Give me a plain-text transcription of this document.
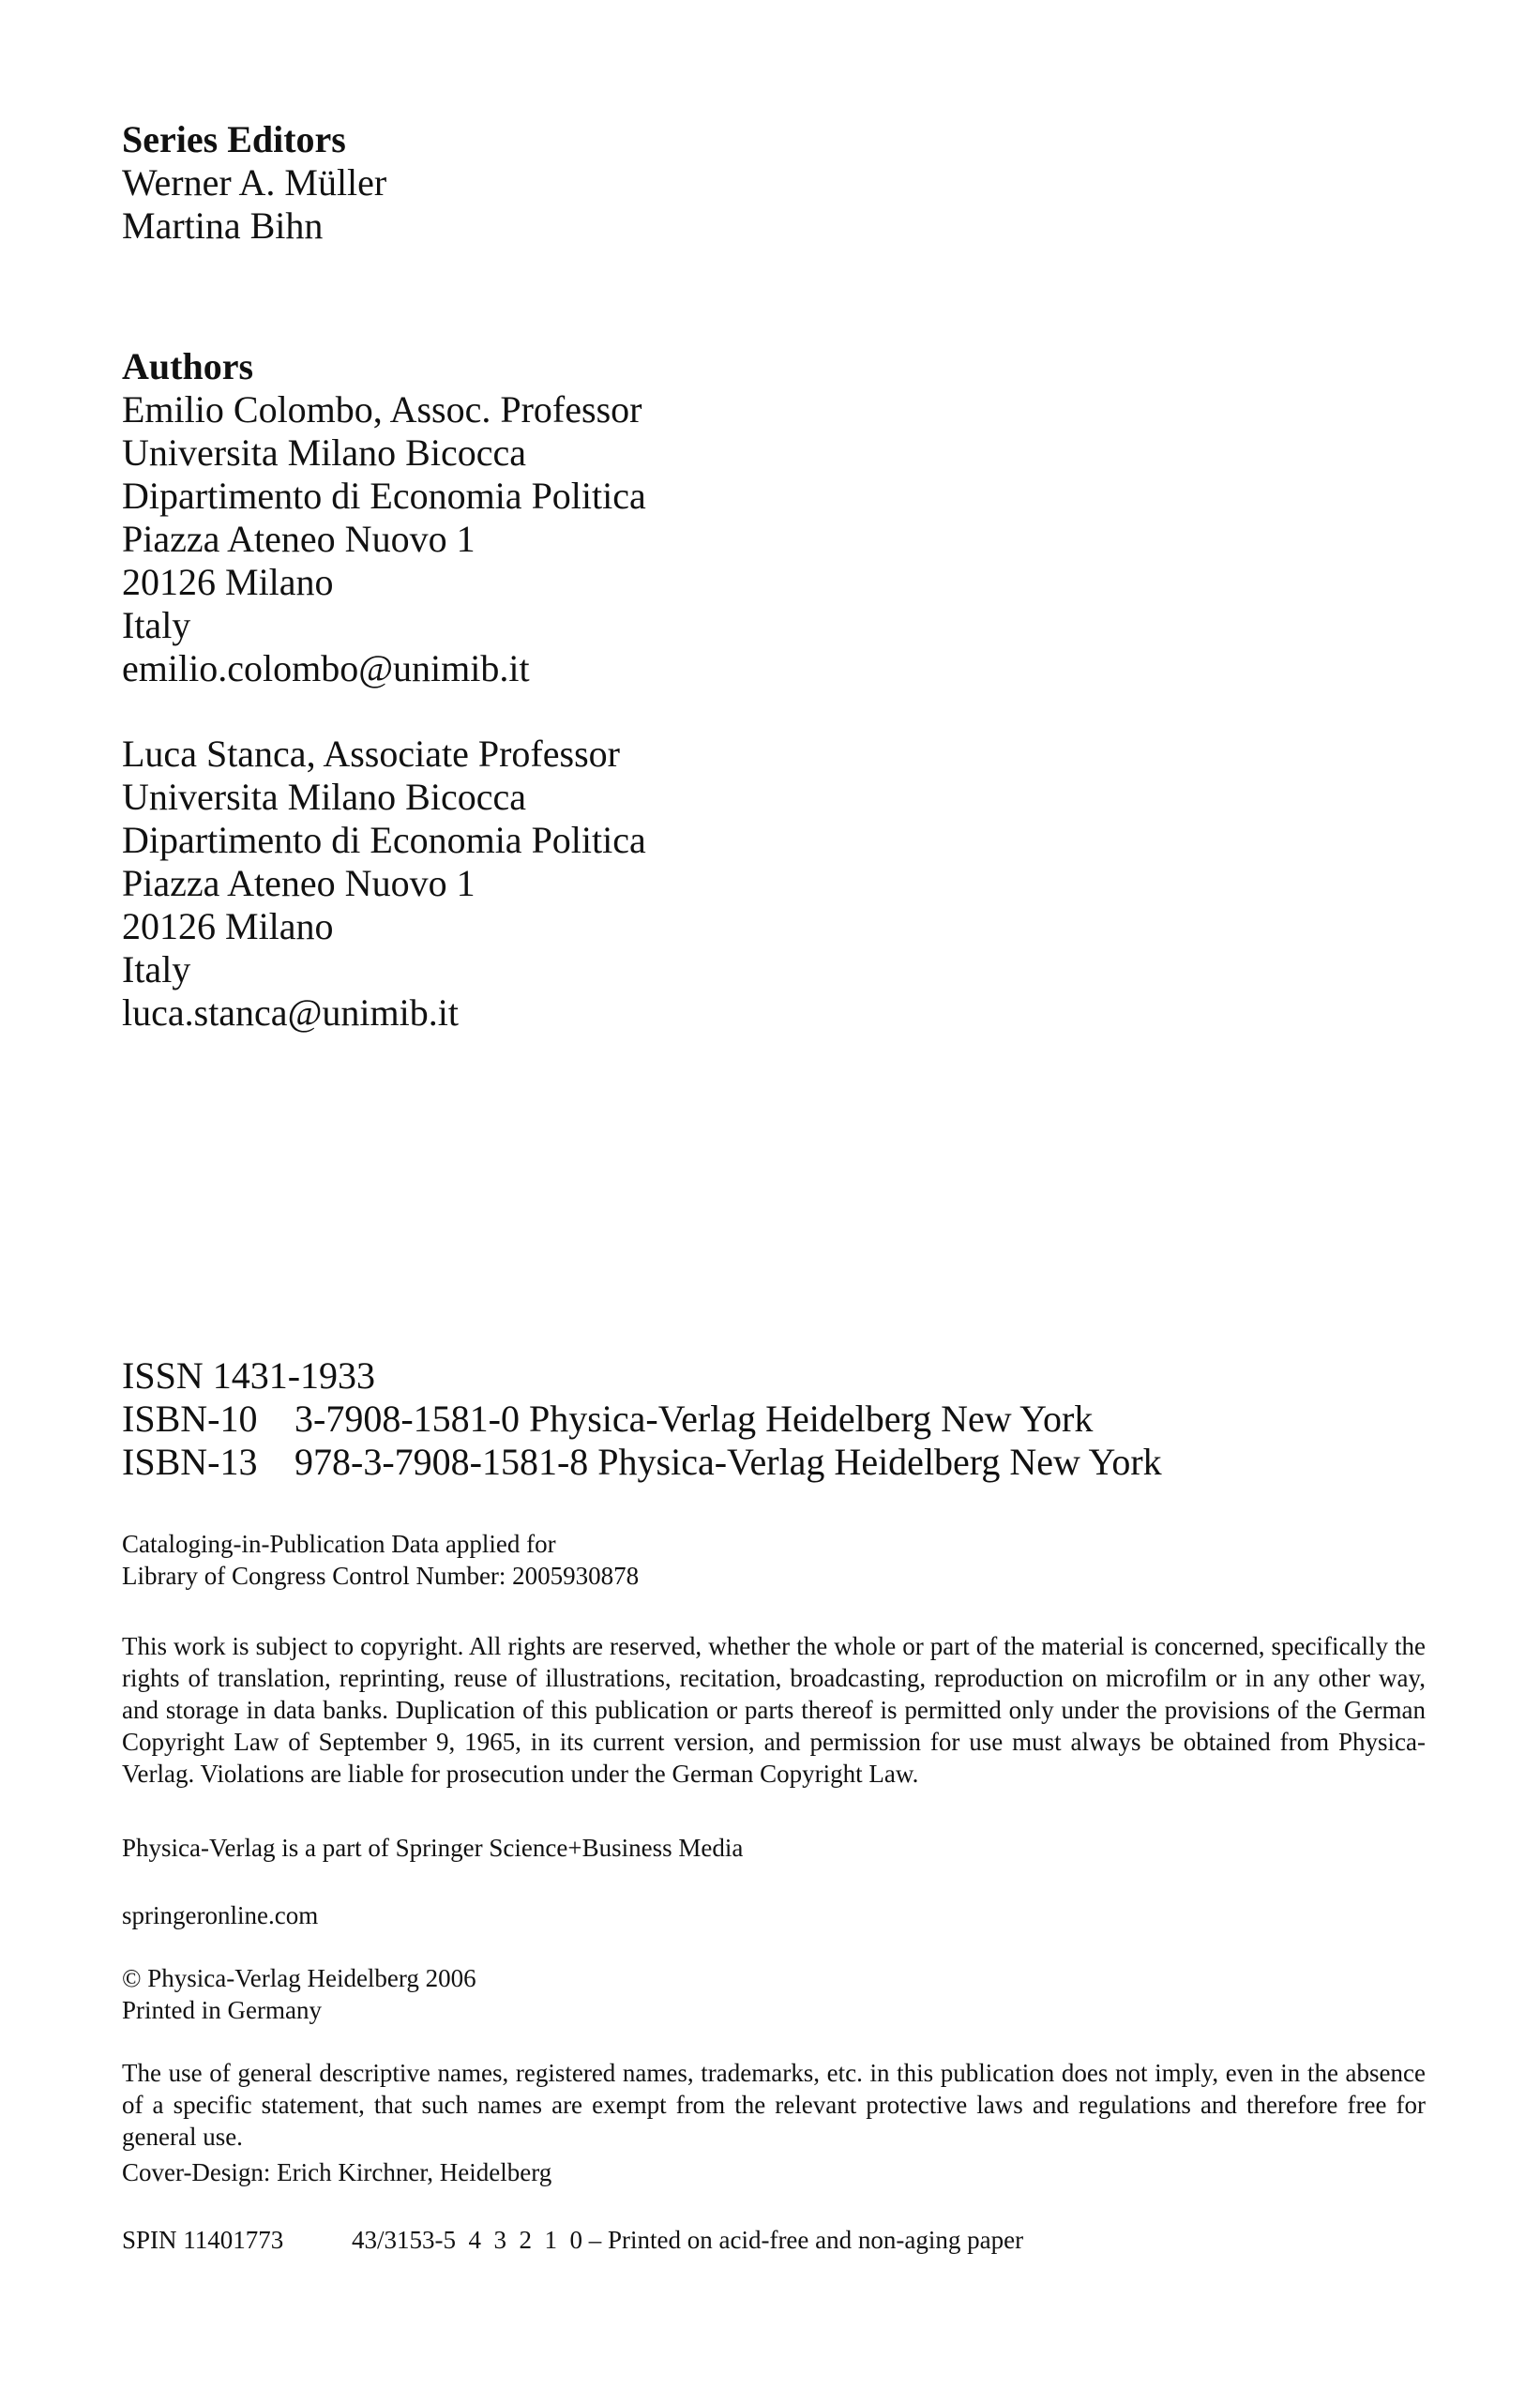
Series Editors
Werner A. Müller
Martina Bihn
Authors
Emilio Colombo, Assoc. Professor
Universita Milano Bicocca
Dipartimento di Economia Politica
Piazza Ateneo Nuovo 1
20126 Milano
Italy
emilio.colombo@unimib.it
Luca Stanca, Associate Professor
Universita Milano Bicocca
Dipartimento di Economia Politica
Piazza Ateneo Nuovo 1
20126 Milano
Italy
luca.stanca@unimib.it
ISSN 1431-1933
ISBN-10 3-7908-1581-0 Physica-Verlag Heidelberg New York
ISBN-13 978-3-7908-1581-8 Physica-Verlag Heidelberg New York
Cataloging-in-Publication Data applied for
Library of Congress Control Number: 2005930878

This work is subject to copyright. All rights are reserved, whether the whole or part of the material is concerned, specifically the rights of translation, reprinting, reuse of illustrations, recitation, broadcasting, reproduction on microfilm or in any other way, and storage in data banks. Duplication of this publication or parts thereof is permitted only under the provisions of the German Copyright Law of September 9, 1965, in its current version, and permission for use must always be obtained from Physica-Verlag. Violations are liable for prosecution under the German Copyright Law.

Physica-Verlag is a part of Springer Science+Business Media
springeronline.com
© Physica-Verlag Heidelberg 2006
Printed in Germany

The use of general descriptive names, registered names, trademarks, etc. in this publication does not imply, even in the absence of a specific statement, that such names are exempt from the relevant protective laws and regulations and therefore free for general use.

Cover-Design: Erich Kirchner, Heidelberg
SPIN 11401773	43/3153-5  4  3  2  1  0 – Printed on acid-free and non-aging paper
